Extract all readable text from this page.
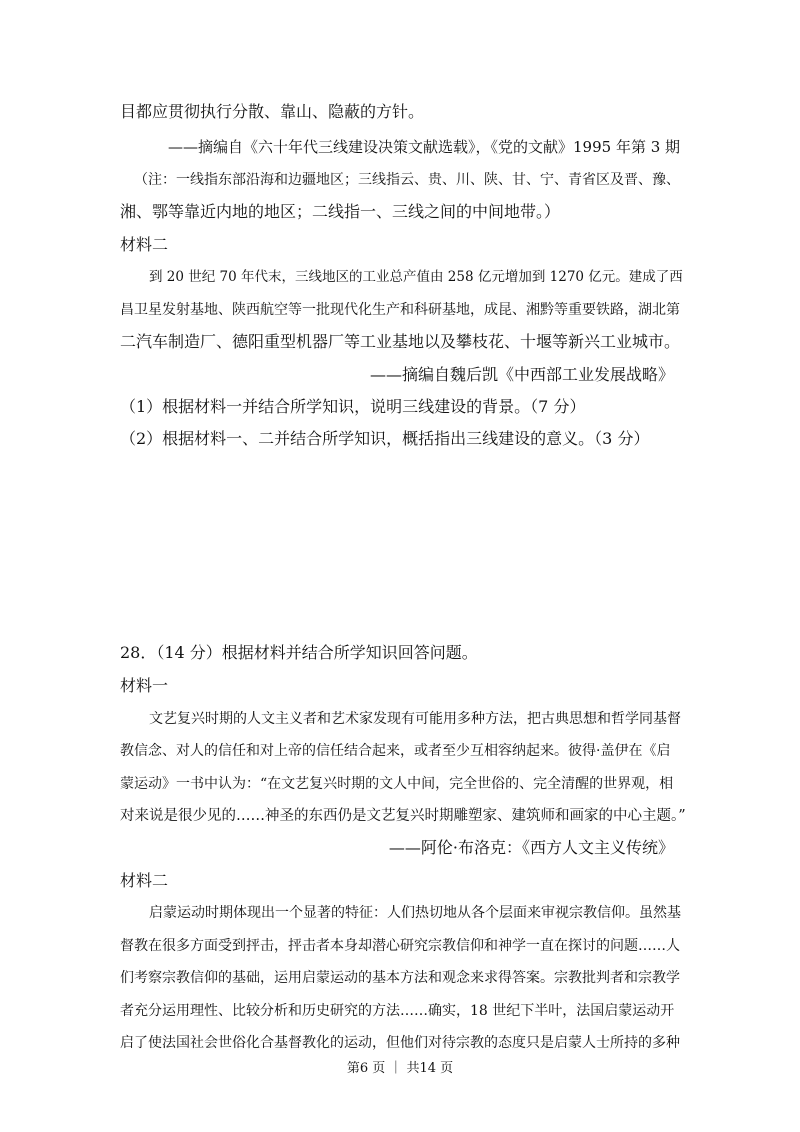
目都应贯彻执行分散、靠山、隐蔽的方针。
——摘编自《六十年代三线建设决策文献选载》，《党的文献》1995 年第 3 期
（注：一线指东部沿海和边疆地区；三线指云、贵、川、陕、甘、宁、青省区及晋、豫、
湘、鄂等靠近内地的地区；二线指一、三线之间的中间地带。）
材料二
到 20 世纪 70 年代末，三线地区的工业总产值由 258 亿元增加到 1270 亿元。建成了西
昌卫星发射基地、陕西航空等一批现代化生产和科研基地，成昆、湘黔等重要铁路，湖北第
二汽车制造厂、德阳重型机器厂等工业基地以及攀枝花、十堰等新兴工业城市。
——摘编自魏后凯《中西部工业发展战略》
（1）根据材料一并结合所学知识，说明三线建设的背景。（7 分）
（2）根据材料一、二并结合所学知识，概括指出三线建设的意义。（3 分）
28．（14 分）根据材料并结合所学知识回答问题。
材料一
文艺复兴时期的人文主义者和艺术家发现有可能用多种方法，把古典思想和哲学同基督
教信念、对人的信任和对上帝的信任结合起来，或者至少互相容纳起来。彼得·盖伊在《启
蒙运动》一书中认为：“在文艺复兴时期的文人中间，完全世俗的、完全清醒的世界观，相
对来说是很少见的……神圣的东西仍是文艺复兴时期雕塑家、建筑师和画家的中心主题。”
——阿伦·布洛克：《西方人文主义传统》
材料二
启蒙运动时期体现出一个显著的特征：人们热切地从各个层面来审视宗教信仰。虽然基
督教在很多方面受到抨击，抨击者本身却潜心研究宗教信仰和神学一直在探讨的问题……人
们考察宗教信仰的基础，运用启蒙运动的基本方法和观念来求得答案。宗教批判者和宗教学
者充分运用理性、比较分析和历史研究的方法……确实，18 世纪下半叶，法国启蒙运动开
启了使法国社会世俗化合基督教化的运动，但他们对待宗教的态度只是启蒙人士所持的多种
第6 页 ｜ 共14 页
